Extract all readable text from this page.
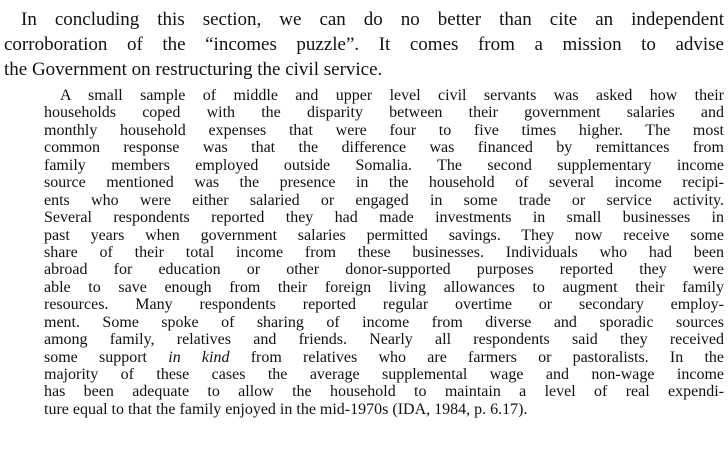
In concluding this section, we can do no better than cite an independent
corroboration of the “incomes puzzle”. It comes from a mission to advise
the Government on restructuring the civil service.
A small sample of middle and upper level civil servants was asked how their
households coped with the disparity between their government salaries and
monthly household expenses that were four to five times higher. The most
common response was that the difference was financed by remittances from
family members employed outside Somalia. The second supplementary income
source mentioned was the presence in the household of several income recipi-
ents who were either salaried or engaged in some trade or service activity.
Several respondents reported they had made investments in small businesses in
past years when government salaries permitted savings. They now receive some
share of their total income from these businesses. Individuals who had been
abroad for education or other donor-supported purposes reported they were
able to save enough from their foreign living allowances to augment their family
resources. Many respondents reported regular overtime or secondary employ-
ment. Some spoke of sharing of income from diverse and sporadic sources
among family, relatives and friends. Nearly all respondents said they received
some support in kind from relatives who are farmers or pastoralists. In the
majority of these cases the average supplemental wage and non-wage income
has been adequate to allow the household to maintain a level of real expendi-
ture equal to that the family enjoyed in the mid-1970s (IDA, 1984, p. 6.17).
